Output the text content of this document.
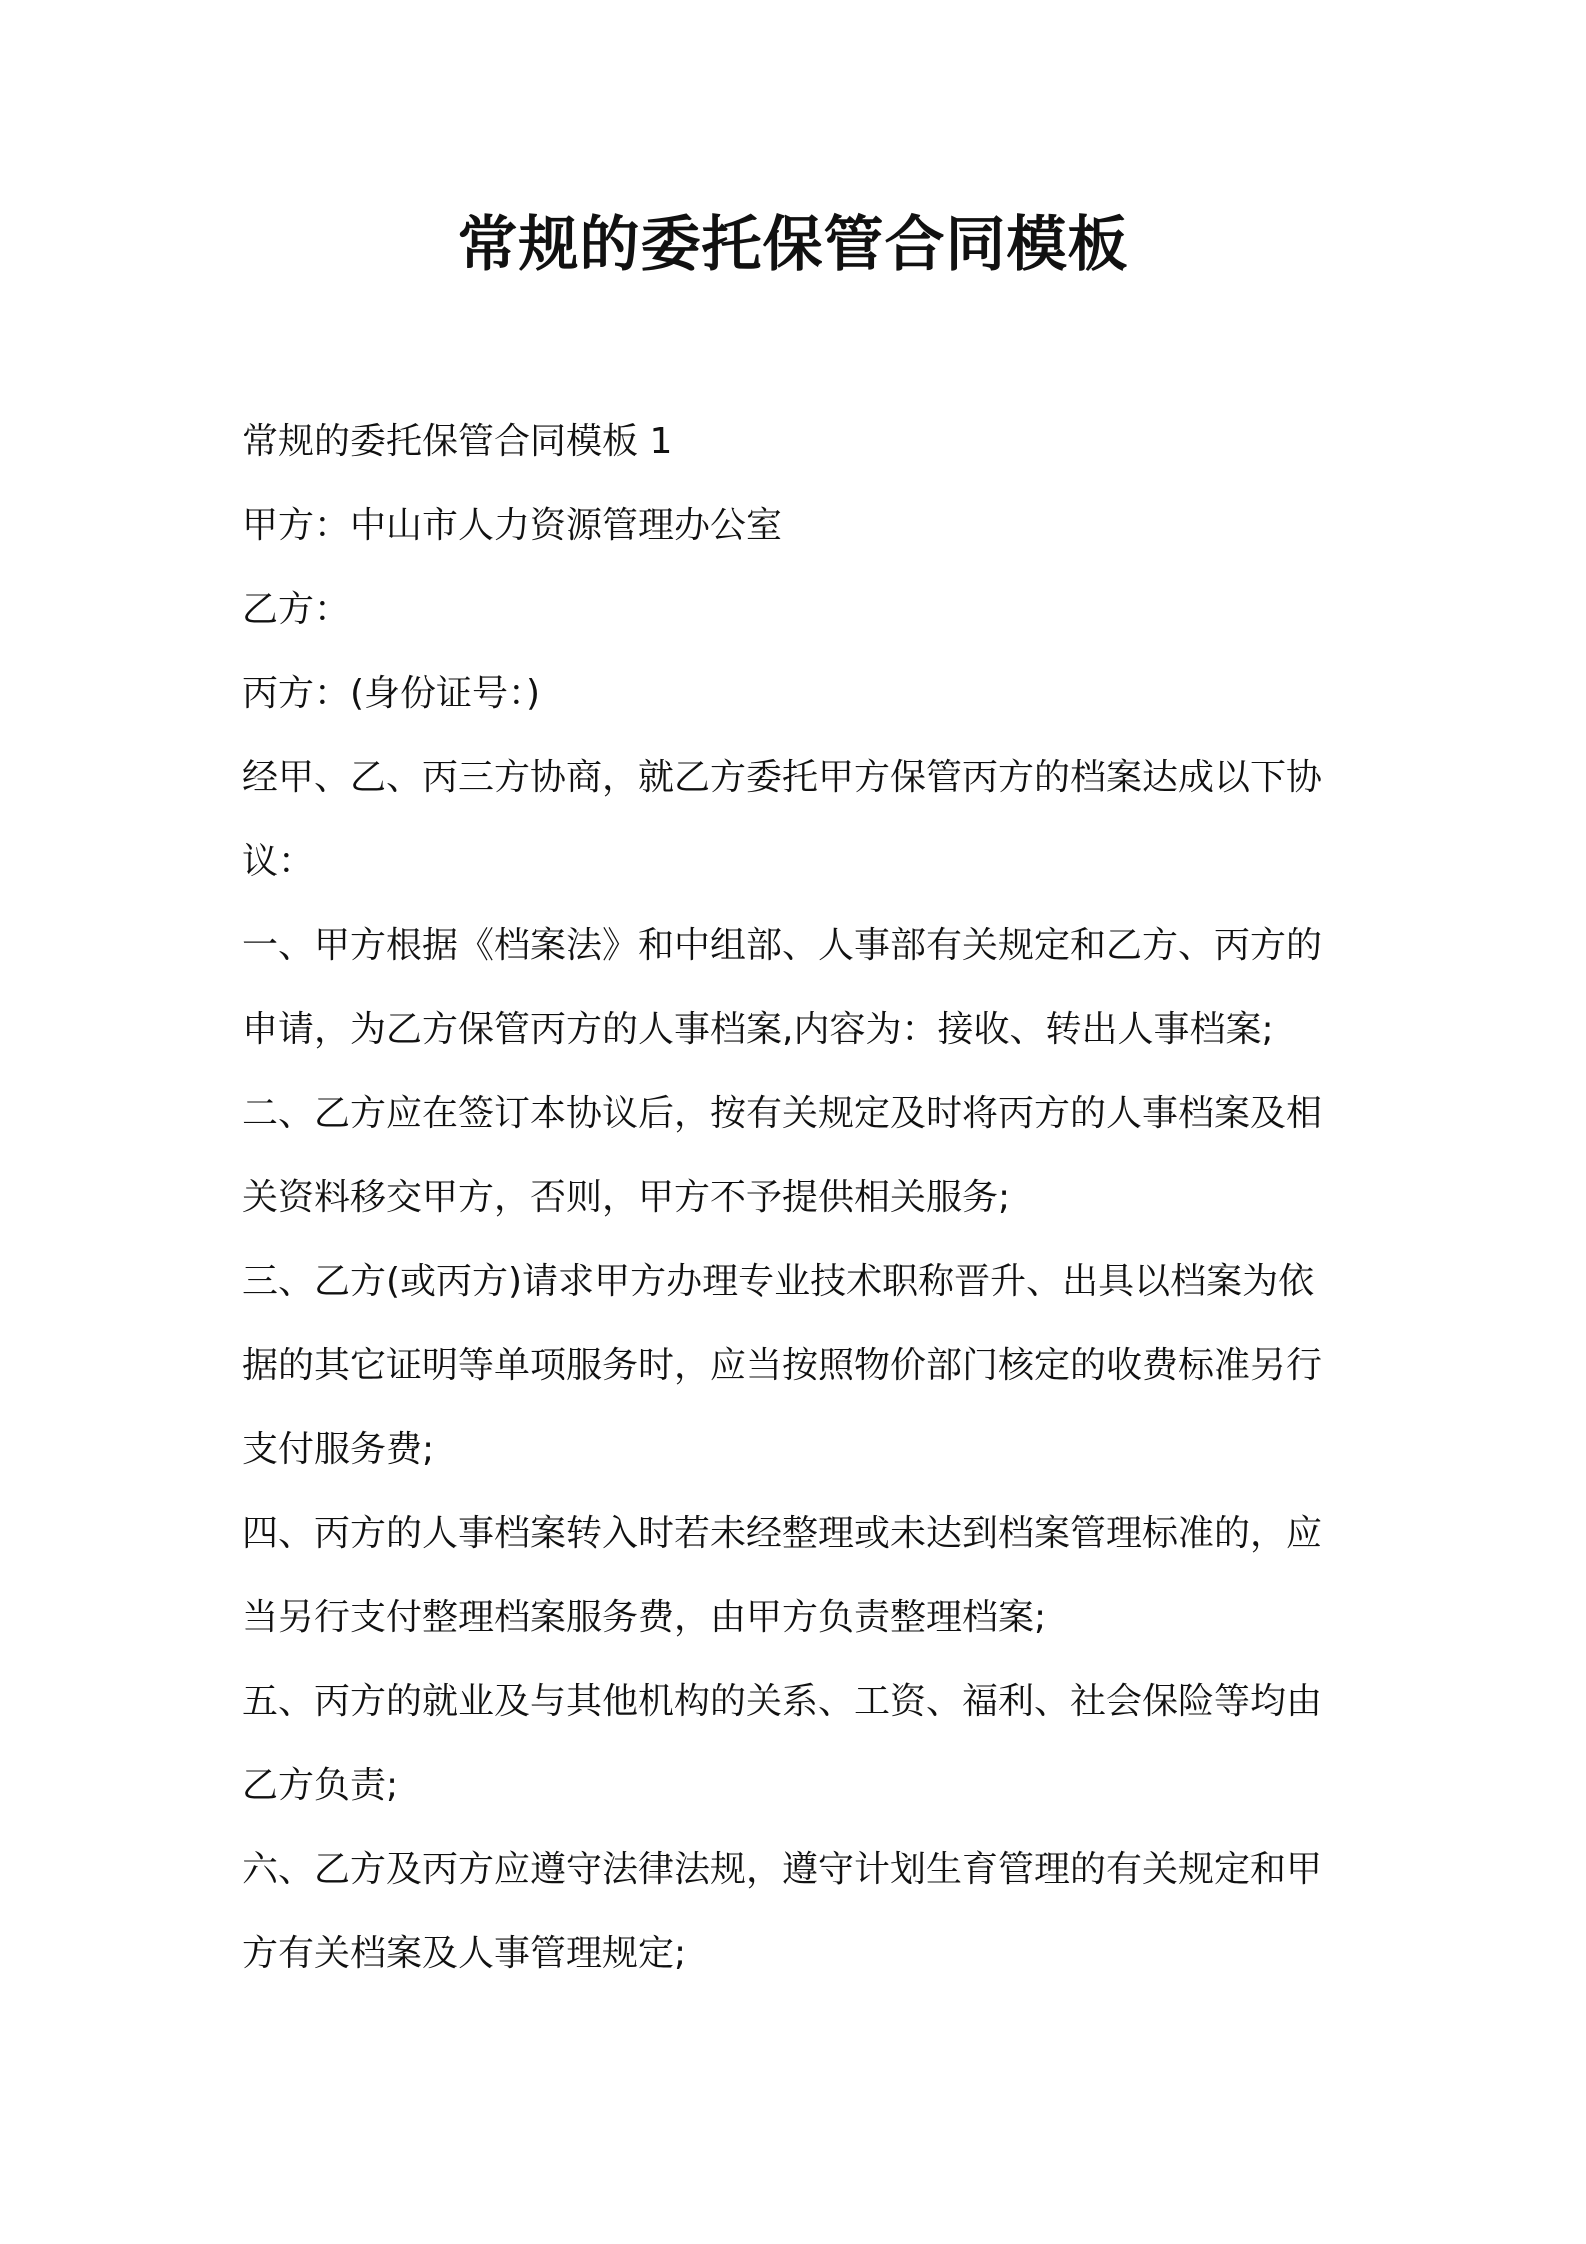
常规的委托保管合同模板
常规的委托保管合同模板 1
甲方：中山市人力资源管理办公室
乙方：
丙方：(身份证号：)
经甲、乙、丙三方协商，就乙方委托甲方保管丙方的档案达成以下协
议：
一、甲方根据《档案法》和中组部、人事部有关规定和乙方、丙方的
申请，为乙方保管丙方的人事档案,内容为：接收、转出人事档案;
二、乙方应在签订本协议后，按有关规定及时将丙方的人事档案及相
关资料移交甲方，否则，甲方不予提供相关服务;
三、乙方(或丙方)请求甲方办理专业技术职称晋升、出具以档案为依
据的其它证明等单项服务时，应当按照物价部门核定的收费标准另行
支付服务费;
四、丙方的人事档案转入时若未经整理或未达到档案管理标准的，应
当另行支付整理档案服务费，由甲方负责整理档案;
五、丙方的就业及与其他机构的关系、工资、福利、社会保险等均由
乙方负责;
六、乙方及丙方应遵守法律法规，遵守计划生育管理的有关规定和甲
方有关档案及人事管理规定;
